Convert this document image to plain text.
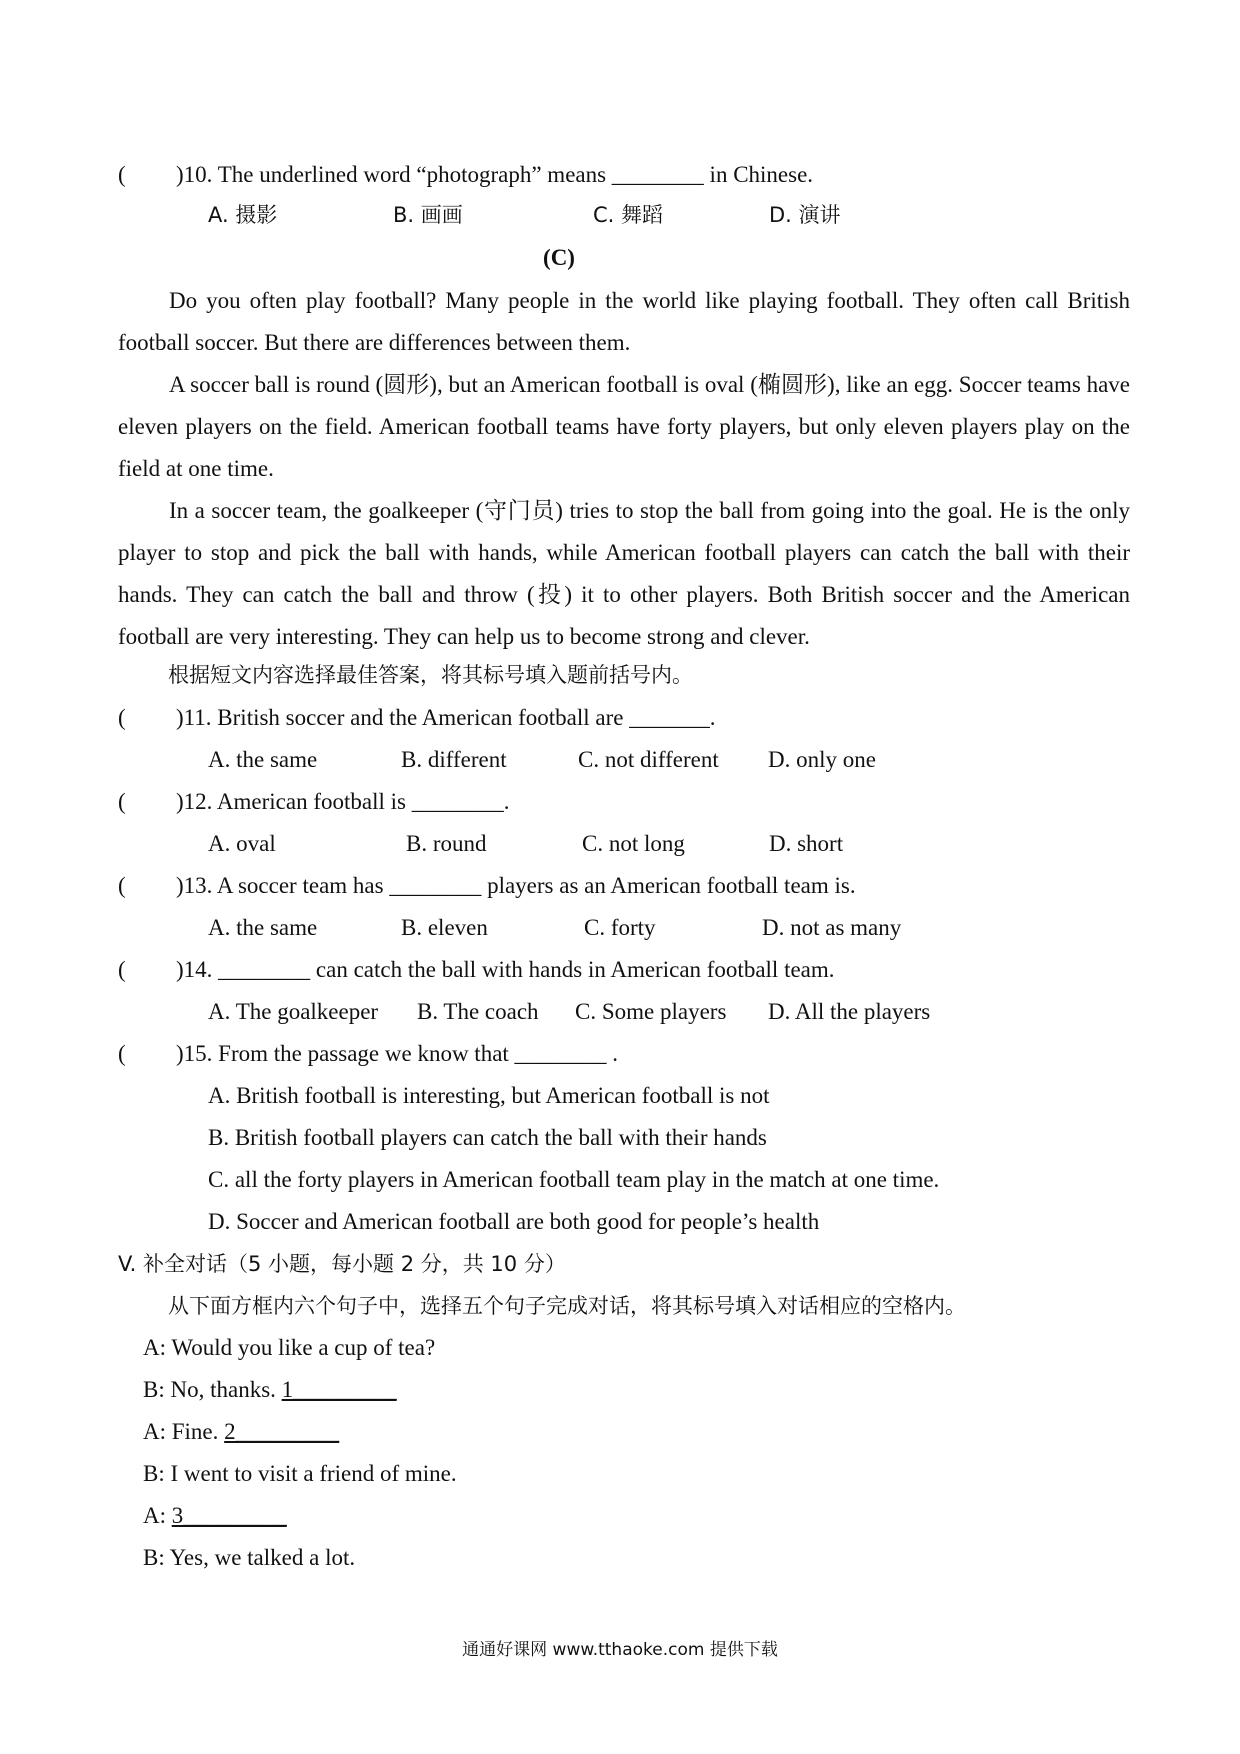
( )10. The underlined word “photograph” means ________ in Chinese.
A. 摄影	B. 画画	C. 舞蹈	D. 演讲
(C)
Do you often play football? Many people in the world like playing football. They often call British football soccer. But there are differences between them.
A soccer ball is round (圆形), but an American football is oval (椭圆形), like an egg. Soccer teams have eleven players on the field. American football teams have forty players, but only eleven players play on the field at one time.
In a soccer team, the goalkeeper (守门员) tries to stop the ball from going into the goal. He is the only player to stop and pick the ball with hands, while American football players can catch the ball with their hands. They can catch the ball and throw (投) it to other players. Both British soccer and the American football are very interesting. They can help us to become strong and clever.
根据短文内容选择最佳答案，将其标号填入题前括号内。
( )11. British soccer and the American football are _______.
A. the same	B. different	C. not different D. only one
( )12. American football is ________.
A. oval	B. round	C. not long	D. short
( )13. A soccer team has ________ players as an American football team is.
A. the same	B. eleven	C. forty	D. not as many
( )14. ________ can catch the ball with hands in American football team.
A. The goalkeeper B. The coach C. Some players D. All the players
( )15. From the passage we know that ________ .
A. British football is interesting, but American football is not
B. British football players can catch the ball with their hands
C. all the forty players in American football team play in the match at one time.
D. Soccer and American football are both good for people’s health
V. 补全对话（5 小题，每小题 2 分，共 10 分）
从下面方框内六个句子中，选择五个句子完成对话，将其标号填入对话相应的空格内。
A: Would you like a cup of tea?
B: No, thanks. 1_________
A: Fine. 2_________
B: I went to visit a friend of mine.
A: 3_________
B: Yes, we talked a lot.
通通好课网 www.tthaoke.com 提供下载
